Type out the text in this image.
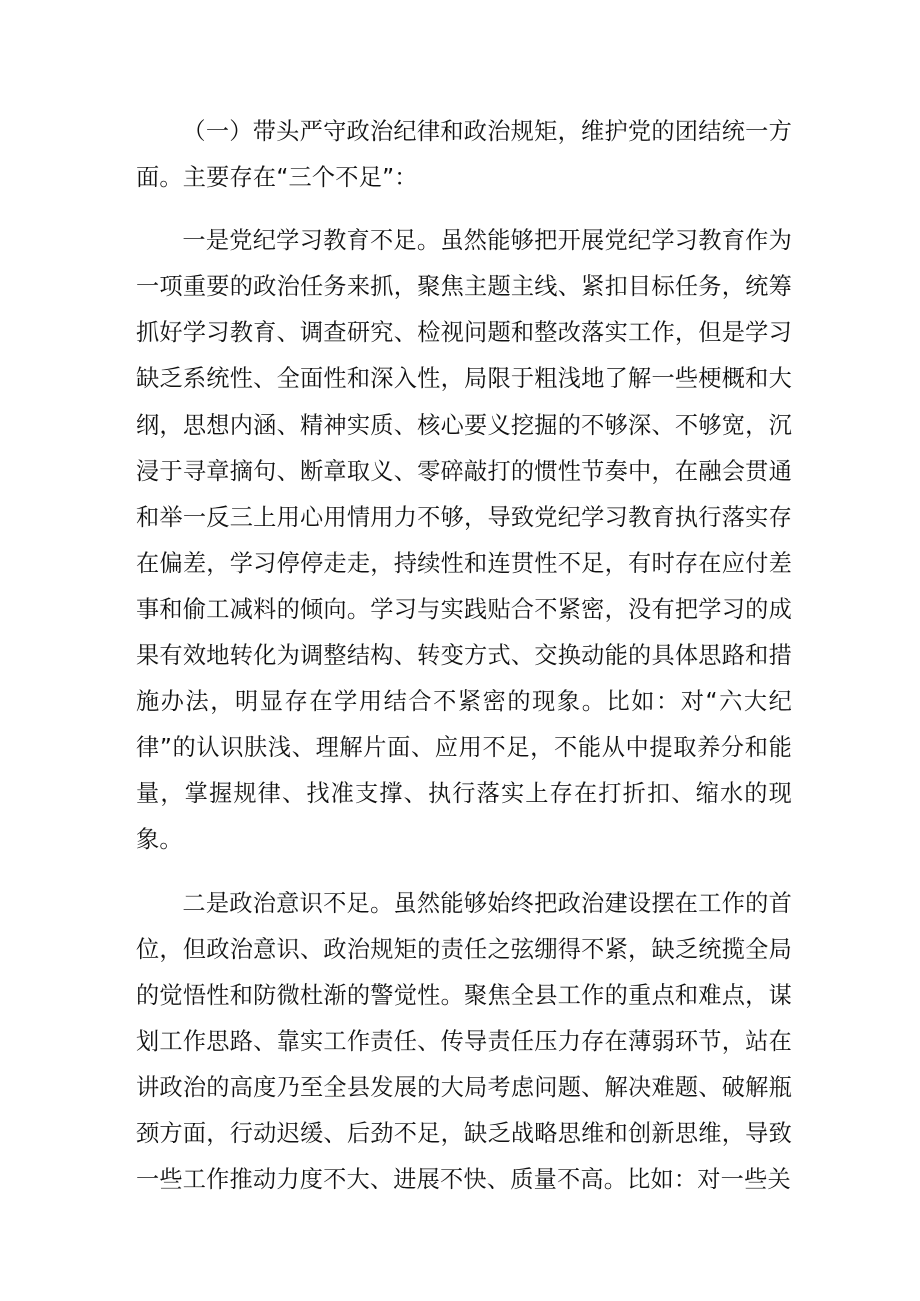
（一）带头严守政治纪律和政治规矩，维护党的团结统一方面。主要存在“三个不足”：

一是党纪学习教育不足。虽然能够把开展党纪学习教育作为一项重要的政治任务来抓，聚焦主题主线、紧扣目标任务，统筹抓好学习教育、调查研究、检视问题和整改落实工作，但是学习缺乏系统性、全面性和深入性，局限于粗浅地了解一些梗概和大纲，思想内涵、精神实质、核心要义挖掘的不够深、不够宽，沉浸于寻章摘句、断章取义、零碎敲打的惯性节奏中，在融会贯通和举一反三上用心用情用力不够，导致党纪学习教育执行落实存在偏差，学习停停走走，持续性和连贯性不足，有时存在应付差事和偷工减料的倾向。学习与实践贴合不紧密，没有把学习的成果有效地转化为调整结构、转变方式、交换动能的具体思路和措施办法，明显存在学用结合不紧密的现象。比如：对“六大纪律”的认识肤浅、理解片面、应用不足，不能从中提取养分和能量，掌握规律、找准支撑、执行落实上存在打折扣、缩水的现象。

二是政治意识不足。虽然能够始终把政治建设摆在工作的首位，但政治意识、政治规矩的责任之弦绷得不紧，缺乏统揽全局的觉悟性和防微杜渐的警觉性。聚焦全县工作的重点和难点，谋划工作思路、靠实工作责任、传导责任压力存在薄弱环节，站在讲政治的高度乃至全县发展的大局考虑问题、解决难题、破解瓶颈方面，行动迟缓、后劲不足，缺乏战略思维和创新思维，导致一些工作推动力度不大、进展不快、质量不高。比如：对一些关
